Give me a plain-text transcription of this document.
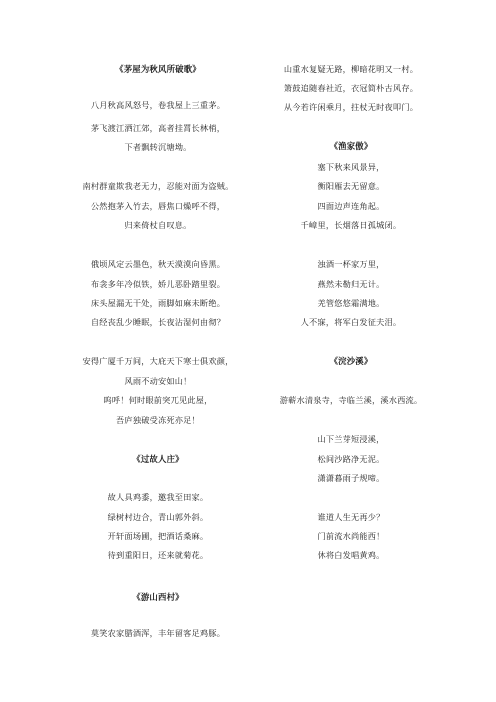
《茅屋为秋风所破歌》
八月秋高风怒号，卷我屋上三重茅。
茅飞渡江洒江郊，高者挂罥长林梢，
下者飘转沉塘坳。
南村群童欺我老无力，忍能对面为盗贼。
公然抱茅入竹去，唇焦口燥呼不得，
归来倚杖自叹息。
俄顷风定云墨色，秋天漠漠向昏黑。
布衾多年冷似铁，娇儿恶卧踏里裂。
床头屋漏无干处，雨脚如麻未断绝。
自经丧乱少睡眠，长夜沾湿何由彻？
安得广厦千万间，大庇天下寒士俱欢颜，
风雨不动安如山！
呜呼！何时眼前突兀见此屋，
吾庐独破受冻死亦足！
《过故人庄》
故人具鸡黍，邀我至田家。
绿树村边合，青山郭外斜。
开轩面场圃，把酒话桑麻。
待到重阳日，还来就菊花。
《游山西村》
莫笑农家腊酒浑，丰年留客足鸡豚。
山重水复疑无路，柳暗花明又一村。
箫鼓追随春社近，衣冠简朴古风存。
从今若许闲乘月，拄杖无时夜叩门。
《渔家傲》
塞下秋来风景异，
衡阳雁去无留意。
四面边声连角起。
千嶂里，长烟落日孤城闭。
浊酒一杯家万里，
燕然未勒归无计。
羌管悠悠霜满地。
人不寐，将军白发征夫泪。
《浣沙溪》
游蕲水清泉寺，寺临兰溪，溪水西流。
山下兰芽短浸溪，
松间沙路净无泥。
潇潇暮雨子规啼。
谁道人生无再少？
门前流水尚能西！
休将白发唱黄鸡。
